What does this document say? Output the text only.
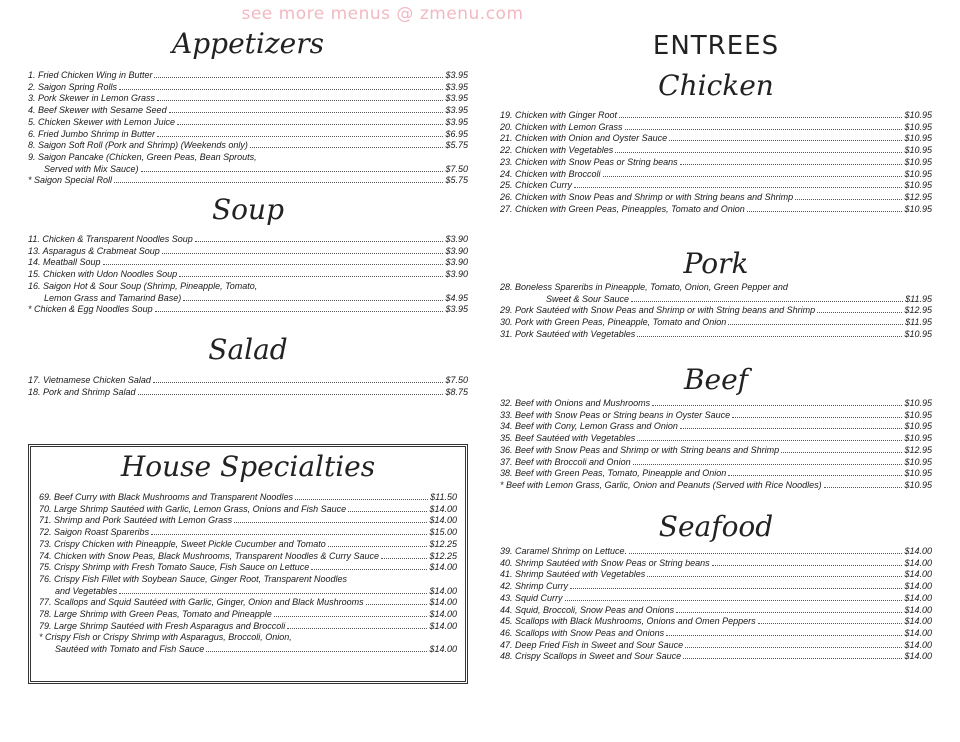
see more menus @ zmenu.com
Appetizers
1. Fried Chicken Wing in Butter	$3.95
2. Saigon Spring Rolls	$3.95
3. Pork Skewer in Lemon Grass	$3.95
4. Beef Skewer with Sesame Seed	$3.95
5. Chicken Skewer with Lemon Juice	$3.95
6. Fried Jumbo Shrimp in Butter	$6.95
8. Saigon Soft Roll (Pork and Shrimp) (Weekends only)	$5.75
9. Saigon Pancake (Chicken, Green Peas, Bean Sprouts,
Served with Mix Sauce)	$7.50
* Saigon Special Roll	$5.75
Soup
11. Chicken & Transparent Noodles Soup	$3.90
13. Asparagus & Crabmeat Soup	$3.90
14. Meatball Soup	$3.90
15. Chicken with Udon Noodles Soup	$3.90
16. Saigon Hot & Sour Soup (Shrimp, Pineapple, Tomato,
Lemon Grass and Tamarind Base)	$4.95
* Chicken & Egg Noodles Soup	$3.95
Salad
17. Vietnamese Chicken Salad	$7.50
18. Pork and Shrimp Salad	$8.75
House Specialties
69. Beef Curry with Black Mushrooms and Transparent Noodles	$11.50
70. Large Shrimp Sautéed with Garlic, Lemon Grass, Onions and Fish Sauce	$14.00
71. Shrimp and Pork Sautéed with Lemon Grass	$14.00
72. Saigon Roast Spareribs	$15.00
73. Crispy Chicken with Pineapple, Sweet Pickle Cucumber and Tomato	$12.25
74. Chicken with Snow Peas, Black Mushrooms, Transparent Noodles & Curry Sauce	$12.25
75. Crispy Shrimp with Fresh Tomato Sauce, Fish Sauce on Lettuce	$14.00
76. Crispy Fish Fillet with Soybean Sauce, Ginger Root, Transparent Noodles
and Vegetables	$14.00
77. Scallops and Squid Sautéed with Garlic, Ginger, Onion and Black Mushrooms	$14.00
78. Large Shrimp with Green Peas, Tomato and Pineapple	$14.00
79. Large Shrimp Sautéed with Fresh Asparagus and Broccoli	$14.00
* Crispy Fish or Crispy Shrimp with Asparagus, Broccoli, Onion,
Sautéed with Tomato and Fish Sauce	$14.00
ENTREES
Chicken
19. Chicken with Ginger Root	$10.95
20. Chicken with Lemon Grass	$10.95
21. Chicken with Onion and Oyster Sauce	$10.95
22. Chicken with Vegetables	$10.95
23. Chicken with Snow Peas or String beans	$10.95
24. Chicken with Broccoli	$10.95
25. Chicken Curry	$10.95
26. Chicken with Snow Peas and Shrimp or with String beans and Shrimp	$12.95
27. Chicken with Green Peas, Pineapples, Tomato and Onion	$10.95
Pork
28. Boneless Spareribs in Pineapple, Tomato, Onion, Green Pepper and
Sweet & Sour Sauce	$11.95
29. Pork Sautéed with Snow Peas and Shrimp or with String beans and Shrimp	$12.95
30. Pork with Green Peas, Pineapple, Tomato and Onion	$11.95
31. Pork Sautéed with Vegetables	$10.95
Beef
32. Beef with Onions and Mushrooms	$10.95
33. Beef with Snow Peas or String beans in Oyster Sauce	$10.95
34. Beef with Cony, Lemon Grass and Onion	$10.95
35. Beef Sautéed with Vegetables	$10.95
36. Beef with Snow Peas and Shrimp or with String beans and Shrimp	$12.95
37. Beef with Broccoli and Onion	$10.95
38. Beef with Green Peas, Tomato, Pineapple and Onion	$10.95
* Beef with Lemon Grass, Garlic, Onion and Peanuts (Served with Rice Noodles)	$10.95
Seafood
39. Caramel Shrimp on Lettuce.	$14.00
40. Shrimp Sautéed with Snow Peas or String beans	$14.00
41. Shrimp Sautéed with Vegetables	$14.00
42. Shrimp Curry	$14.00
43. Squid Curry	$14.00
44. Squid, Broccoli, Snow Peas and Onions	$14.00
45. Scallops with Black Mushrooms, Onions and Omen Peppers	$14.00
46. Scallops with Snow Peas and Onions	$14.00
47. Deep Fried Fish in Sweet and Sour Sauce	$14.00
48. Crispy Scallops in Sweet and Sour Sauce	$14.00
